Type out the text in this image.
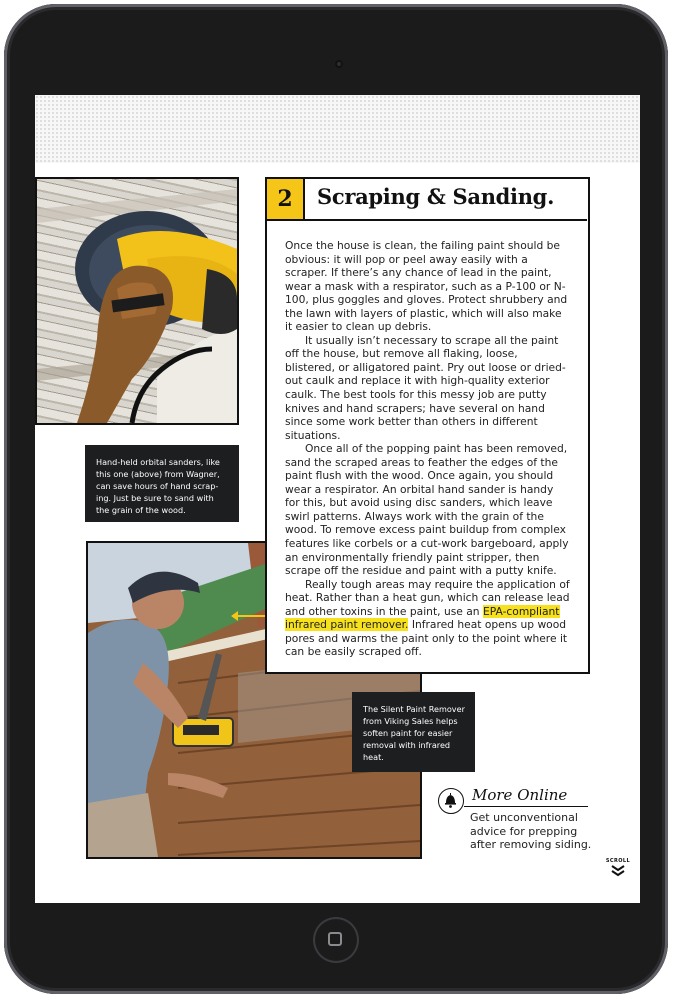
Hand-held orbital sanders, like this one (above) from Wagner, can save hours of hand scrap-ing. Just be sure to sand with the grain of the wood.
The Silent Paint Remover from Viking Sales helps soften paint for easier removal with infrared heat.
2	Scraping & Sanding.

Once the house is clean, the failing paint should be obvious: it will pop or peel away easily with a scraper. If there’s any chance of lead in the paint, wear a mask with a respirator, such as a P-100 or N-100, plus goggles and gloves. Protect shrubbery and the lawn with layers of plastic, which will also make it easier to clean up debris.

It usually isn’t necessary to scrape all the paint off the house, but remove all flaking, loose, blistered, or alligatored paint. Pry out loose or dried-out caulk and replace it with high-quality exterior caulk. The best tools for this messy job are putty knives and hand scrapers; have several on hand since some work better than others in different situations.

Once all of the popping paint has been removed, sand the scraped areas to feather the edges of the paint flush with the wood. Once again, you should wear a respirator. An orbital hand sander is handy for this, but avoid using disc sanders, which leave swirl patterns. Always work with the grain of the wood. To remove excess paint buildup from complex features like corbels or a cut-work bargeboard, apply an environmentally friendly paint stripper, then scrape off the residue and paint with a putty knife.

Really tough areas may require the application of heat. Rather than a heat gun, which can release lead and other toxins in the paint, use an EPA-compliant infrared paint remover. Infrared heat opens up wood pores and warms the paint only to the point where it can be easily scraped off.

More Online
Get unconventional advice for prepping after removing siding.
SCROLL
